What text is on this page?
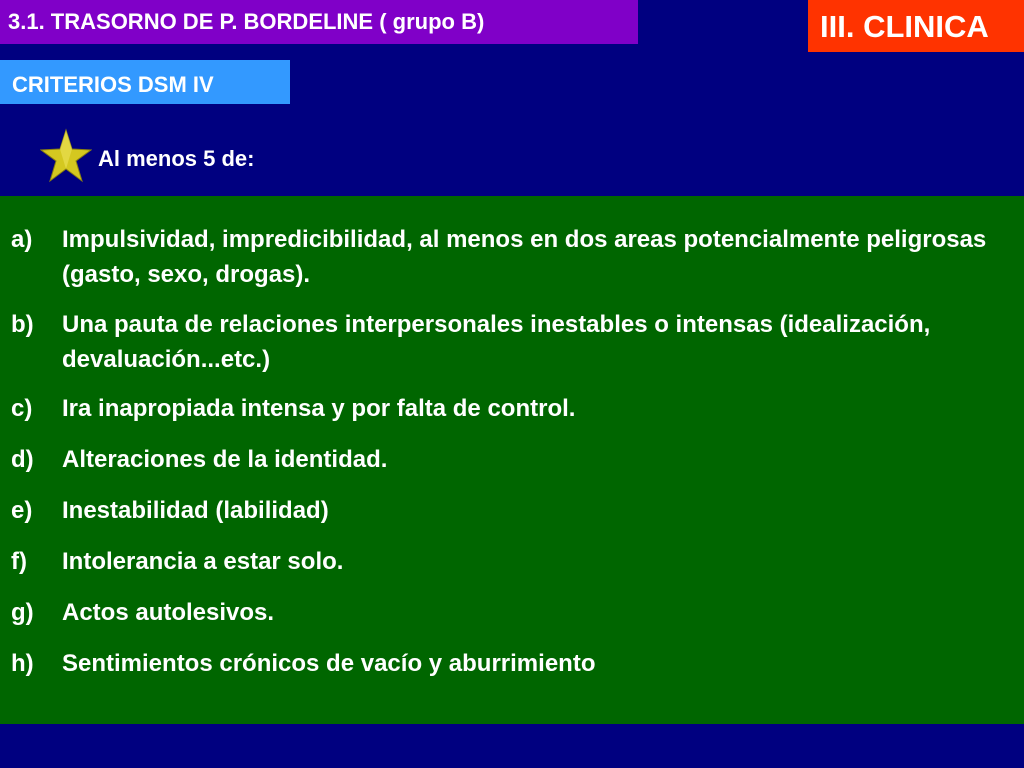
3.1. TRASORNO DE P. BORDELINE ( grupo B)	III. CLINICA
CRITERIOS DSM IV
Al menos 5 de:
a) Impulsividad, impredicibilidad, al menos en dos areas potencialmente peligrosas (gasto, sexo, drogas).
b) Una pauta de relaciones interpersonales inestables o intensas (idealización, devaluación...etc.)
c) Ira inapropiada intensa y por falta de control.
d) Alteraciones de la identidad.
e) Inestabilidad (labilidad)
f) Intolerancia a estar solo.
g) Actos autolesivos.
h) Sentimientos crónicos de vacío y aburrimiento
